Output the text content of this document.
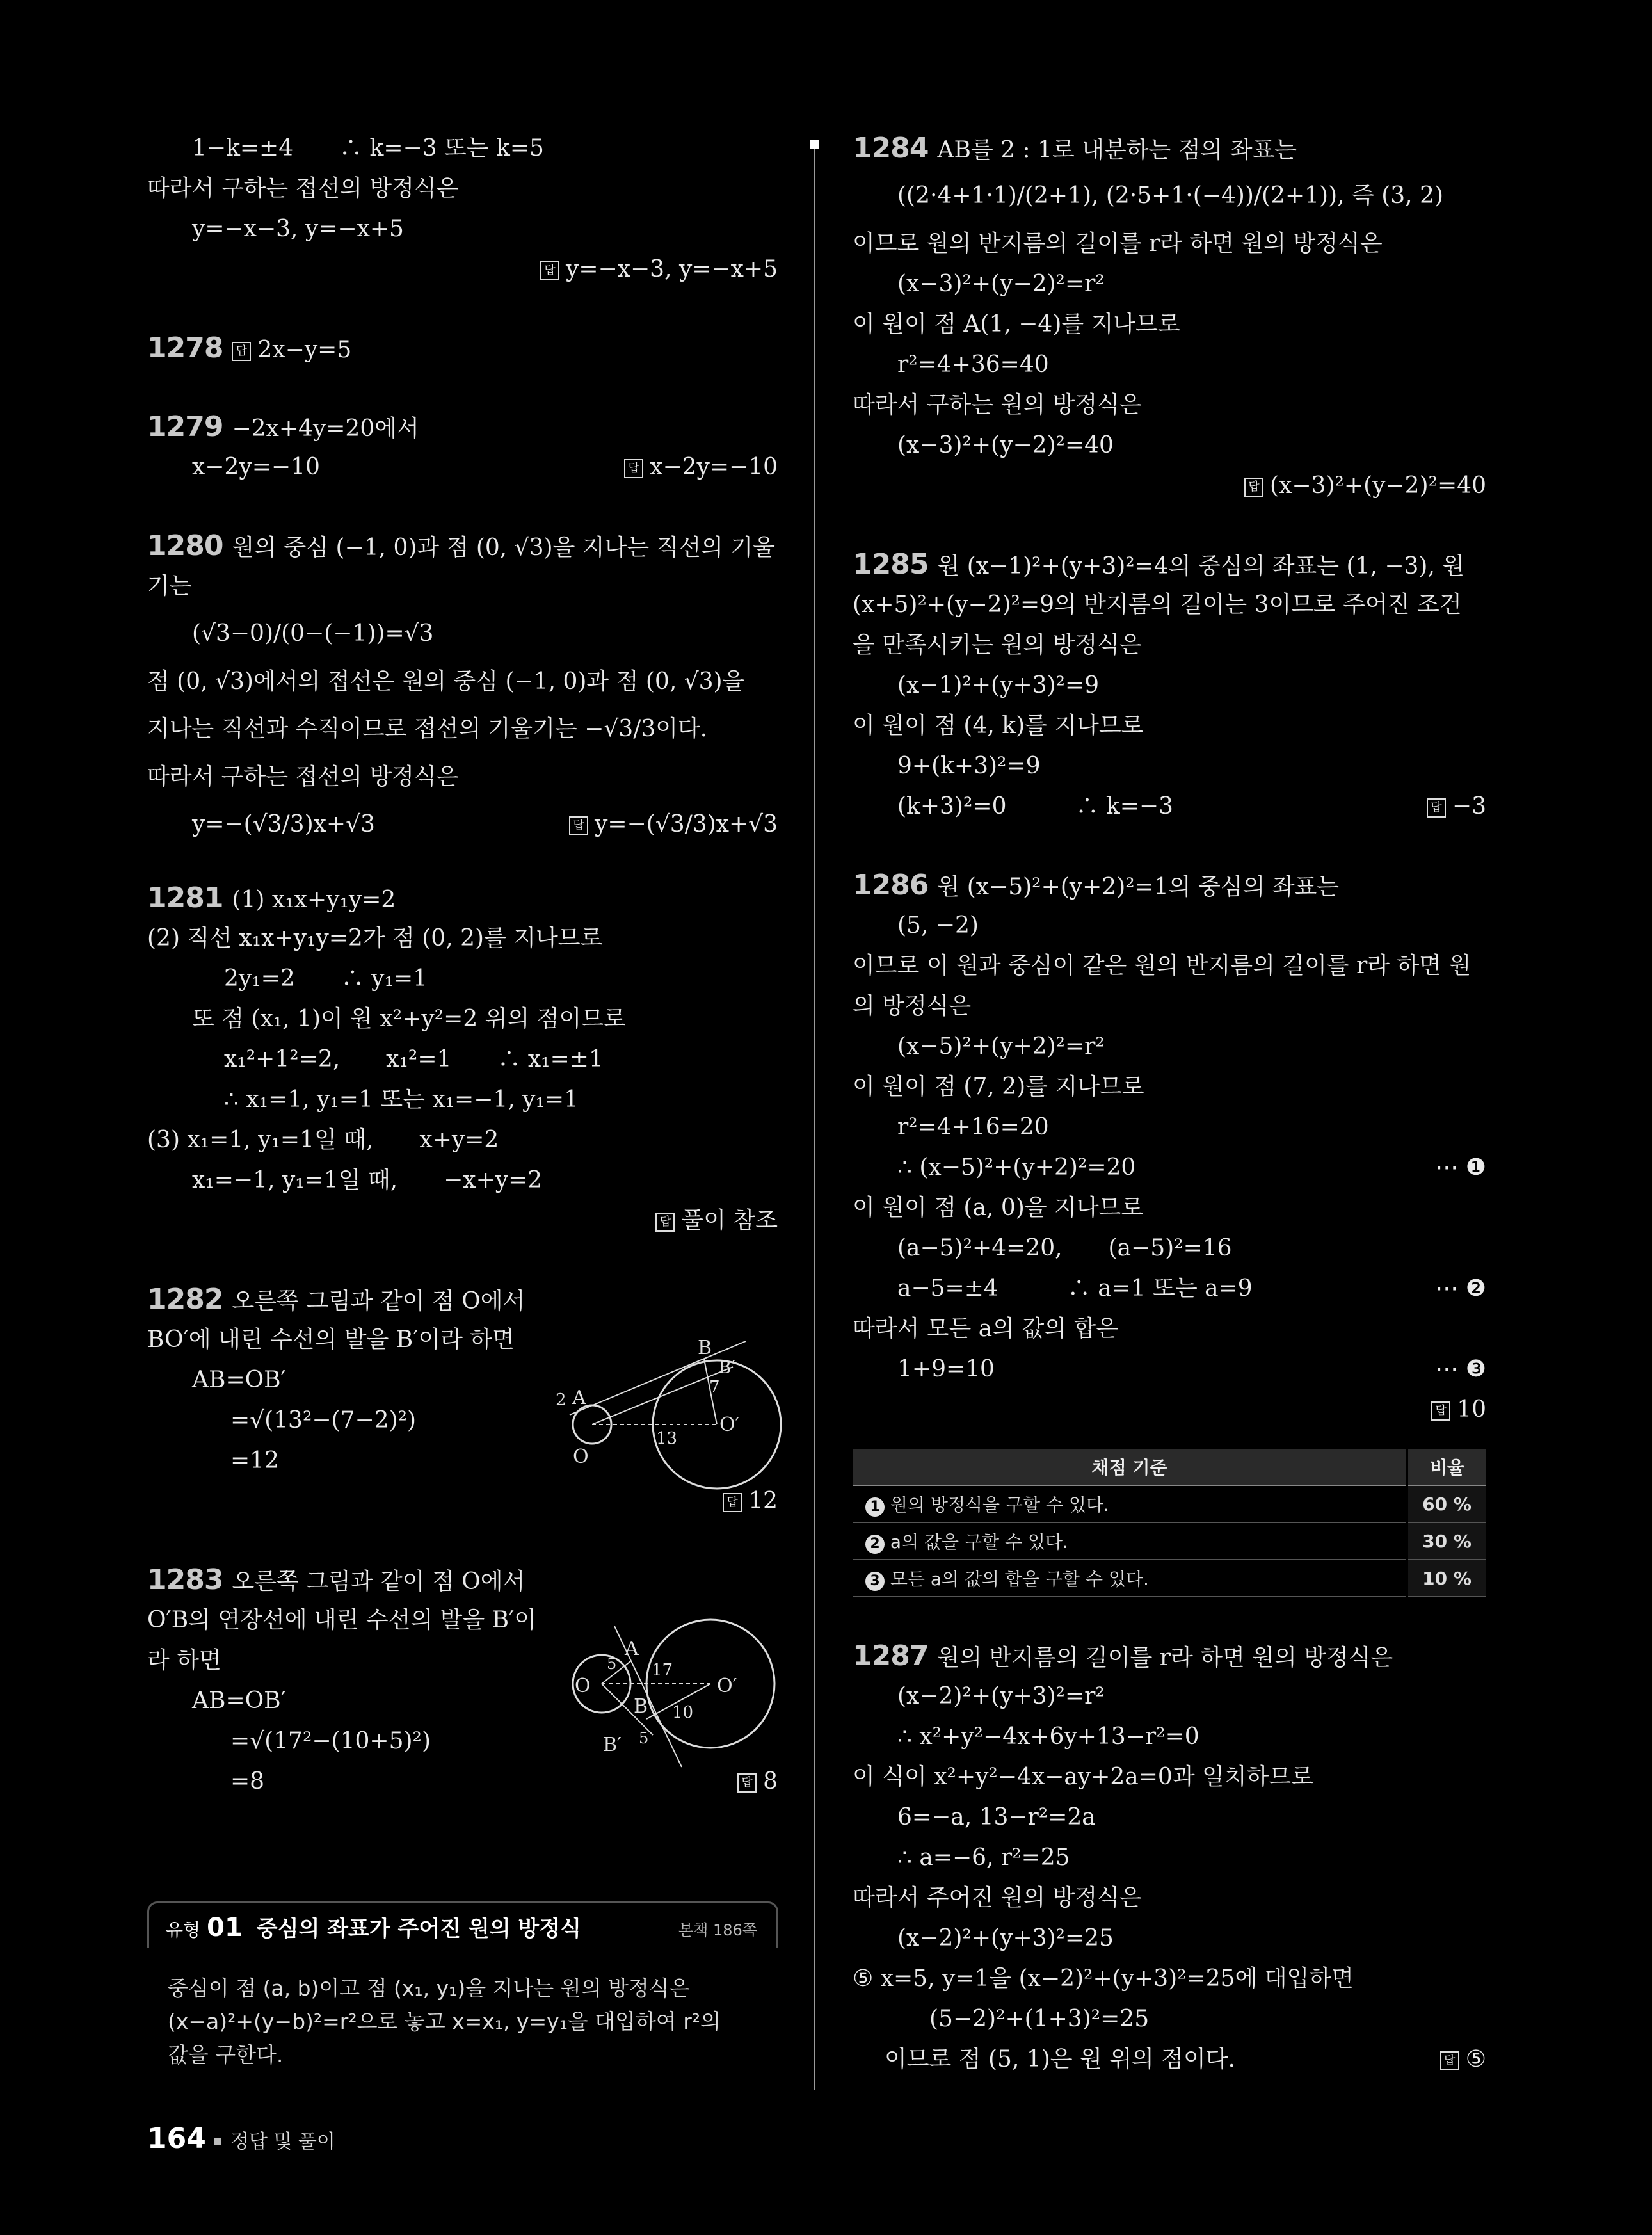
1−k=±4　　∴ k=−3 또는 k=5
따라서 구하는 접선의 방정식은
y=−x−3, y=−x+5
답 y=−x−3, y=−x+5
1278 답 2x−y=5
1279 −2x+4y=20에서
x−2y=−10	답 x−2y=−10
1280 원의 중심 (−1, 0)과 점 (0, √3)을 지나는 직선의 기울
기는
(√3−0)/(0−(−1))=√3
점 (0, √3)에서의 접선은 원의 중심 (−1, 0)과 점 (0, √3)을
지나는 직선과 수직이므로 접선의 기울기는 −√3/3이다.
따라서 구하는 접선의 방정식은
y=−(√3/3)x+√3	답 y=−(√3/3)x+√3
1281 (1) x₁x+y₁y=2
(2) 직선 x₁x+y₁y=2가 점 (0, 2)를 지나므로
2y₁=2　　∴ y₁=1
또 점 (x₁, 1)이 원 x²+y²=2 위의 점이므로
x₁²+1²=2,　　x₁²=1　　∴ x₁=±1
∴ x₁=1, y₁=1 또는 x₁=−1, y₁=1
(3) x₁=1, y₁=1일 때,　　x+y=2
x₁=−1, y₁=1일 때,　　−x+y=2
답 풀이 참조
1282 오른쪽 그림과 같이 점 O에서
BO′에 내린 수선의 발을 B′이라 하면
AB=OB′
=√(13²−(7−2)²)
=12
답 12
1283 오른쪽 그림과 같이 점 O에서
O′B의 연장선에 내린 수선의 발을 B′이
라 하면
AB=OB′
=√(17²−(10+5)²)
=8	답 8
B
B′
2 A	7
O′
13
O
O
5
A
17
O′
B 10
B′ 5
유형 01 중심의 좌표가 주어진 원의 방정식	본책 186쪽
중심이 점 (a, b)이고 점 (x₁, y₁)을 지나는 원의 방정식은
(x−a)²+(y−b)²=r²으로 놓고 x=x₁, y=y₁을 대입하여 r²의
값을 구한다.
164 정답 및 풀이
1284 AB를 2 : 1로 내분하는 점의 좌표는
((2·4+1·1)/(2+1), (2·5+1·(−4))/(2+1)), 즉 (3, 2)
이므로 원의 반지름의 길이를 r라 하면 원의 방정식은
(x−3)²+(y−2)²=r²
이 원이 점 A(1, −4)를 지나므로
r²=4+36=40
따라서 구하는 원의 방정식은
(x−3)²+(y−2)²=40
답 (x−3)²+(y−2)²=40
1285 원 (x−1)²+(y+3)²=4의 중심의 좌표는 (1, −3), 원
(x+5)²+(y−2)²=9의 반지름의 길이는 3이므로 주어진 조건
을 만족시키는 원의 방정식은
(x−1)²+(y+3)²=9
이 원이 점 (4, k)를 지나므로
9+(k+3)²=9
(k+3)²=0　　　∴ k=−3	답 −3
1286 원 (x−5)²+(y+2)²=1의 중심의 좌표는
(5, −2)
이므로 이 원과 중심이 같은 원의 반지름의 길이를 r라 하면 원
의 방정식은
(x−5)²+(y+2)²=r²
이 원이 점 (7, 2)를 지나므로
r²=4+16=20
∴ (x−5)²+(y+2)²=20	⋯ ❶
이 원이 점 (a, 0)을 지나므로
(a−5)²+4=20,　　(a−5)²=16
a−5=±4　　　∴ a=1 또는 a=9	⋯ ❷
따라서 모든 a의 값의 합은
1+9=10	⋯ ❸
답 10
채점 기준	비율
1 원의 방정식을 구할 수 있다.	60 %
2 a의 값을 구할 수 있다.	30 %
3 모든 a의 값의 합을 구할 수 있다.	10 %
1287 원의 반지름의 길이를 r라 하면 원의 방정식은
(x−2)²+(y+3)²=r²
∴ x²+y²−4x+6y+13−r²=0
이 식이 x²+y²−4x−ay+2a=0과 일치하므로
6=−a, 13−r²=2a
∴ a=−6, r²=25
따라서 주어진 원의 방정식은
(x−2)²+(y+3)²=25
⑤ x=5, y=1을 (x−2)²+(y+3)²=25에 대입하면
(5−2)²+(1+3)²=25
이므로 점 (5, 1)은 원 위의 점이다.	답 ⑤
